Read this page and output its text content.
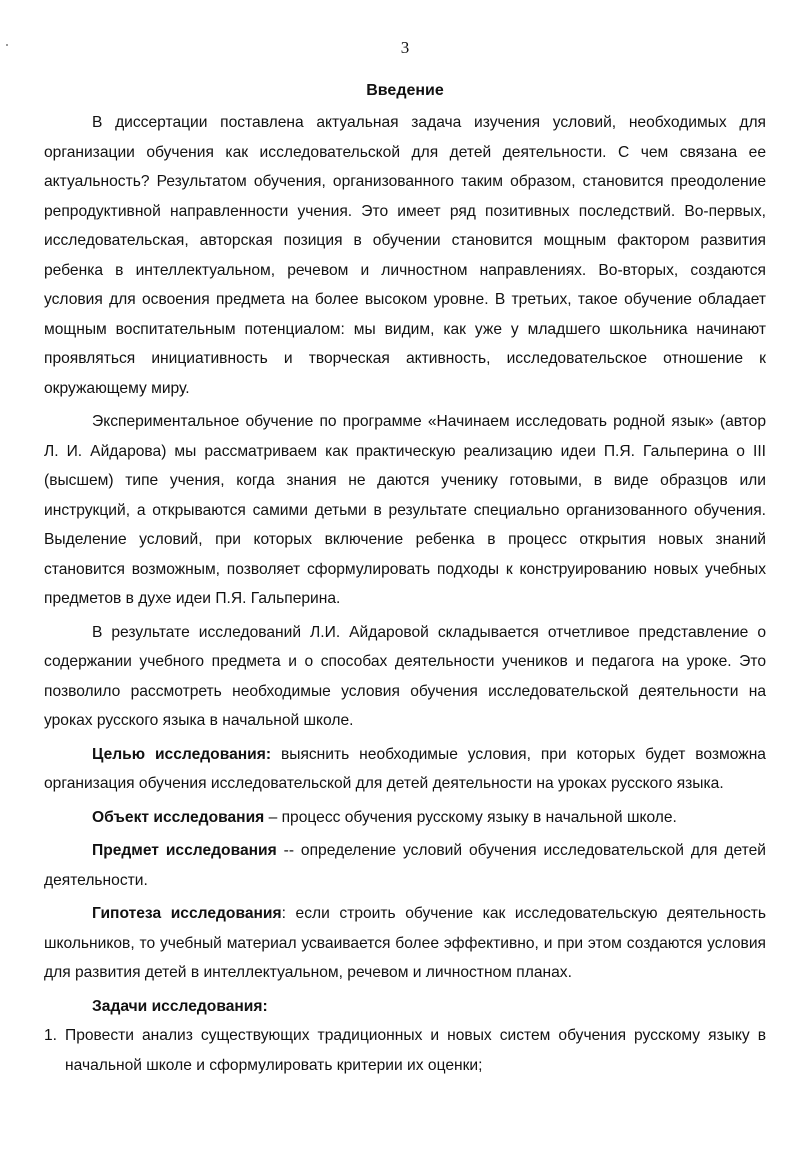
3
Введение

В диссертации поставлена актуальная задача изучения условий, необходимых для организации обучения как исследовательской для детей деятельности. С чем связана ее актуальность? Результатом обучения, организованного таким образом, становится преодоление репродуктивной направленности учения. Это имеет ряд позитивных последствий. Во-первых, исследовательская, авторская позиция в обучении становится мощным фактором развития ребенка в интеллектуальном, речевом и личностном направлениях. Во-вторых, создаются условия для освоения предмета на более высоком уровне. В третьих, такое обучение обладает мощным воспитательным потенциалом: мы видим, как уже у младшего школьника начинают проявляться инициативность и творческая активность, исследовательское отношение к окружающему миру.

Экспериментальное обучение по программе «Начинаем исследовать родной язык» (автор Л. И. Айдарова) мы рассматриваем как практическую реализацию идеи П.Я. Гальперина о III (высшем) типе учения, когда знания не даются ученику готовыми, в виде образцов или инструкций, а открываются самими детьми в результате специально организованного обучения. Выделение условий, при которых включение ребенка в процесс открытия новых знаний становится возможным, позволяет сформулировать подходы к конструированию новых учебных предметов в духе идеи П.Я. Гальперина.

В результате исследований Л.И. Айдаровой складывается отчетливое представление о содержании учебного предмета и о способах деятельности учеников и педагога на уроке. Это позволило рассмотреть необходимые условия обучения исследовательской деятельности на уроках русского языка в начальной школе.

Целью исследования: выяснить необходимые условия, при которых будет возможна организация обучения исследовательской для детей деятельности на уроках русского языка.

Объект исследования – процесс обучения русскому языку в начальной школе.

Предмет исследования -- определение условий обучения исследовательской для детей деятельности.

Гипотеза исследования: если строить обучение как исследовательскую деятельность школьников, то учебный материал усваивается более эффективно, и при этом создаются условия для развития детей в интеллектуальном, речевом и личностном планах.

Задачи исследования:
1. Провести анализ существующих традиционных и новых систем обучения русскому языку в начальной школе и сформулировать критерии их оценки;
